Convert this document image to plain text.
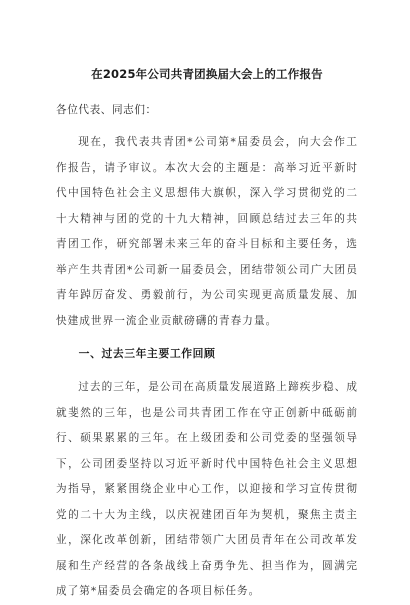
在2025年公司共青团换届大会上的工作报告

各位代表、同志们：

现在，我代表共青团*公司第*届委员会，向大会作工作报告，请予审议。本次大会的主题是：高举习近平新时代中国特色社会主义思想伟大旗帜，深入学习贯彻党的二十大精神与团的党的十九大精神，回顾总结过去三年的共青团工作，研究部署未来三年的奋斗目标和主要任务，选举产生共青团*公司新一届委员会，团结带领公司广大团员青年踔厉奋发、勇毅前行，为公司实现更高质量发展、加快建成世界一流企业贡献磅礴的青春力量。

一、过去三年主要工作回顾

过去的三年，是公司在高质量发展道路上蹄疾步稳、成就斐然的三年，也是公司共青团工作在守正创新中砥砺前行、硕果累累的三年。在上级团委和公司党委的坚强领导下，公司团委坚持以习近平新时代中国特色社会主义思想为指导，紧紧围绕企业中心工作，以迎接和学习宣传贯彻党的二十大为主线，以庆祝建团百年为契机，聚焦主责主业，深化改革创新，团结带领广大团员青年在公司改革发展和生产经营的各条战线上奋勇争先、担当作为，圆满完成了第*届委员会确定的各项目标任务。
